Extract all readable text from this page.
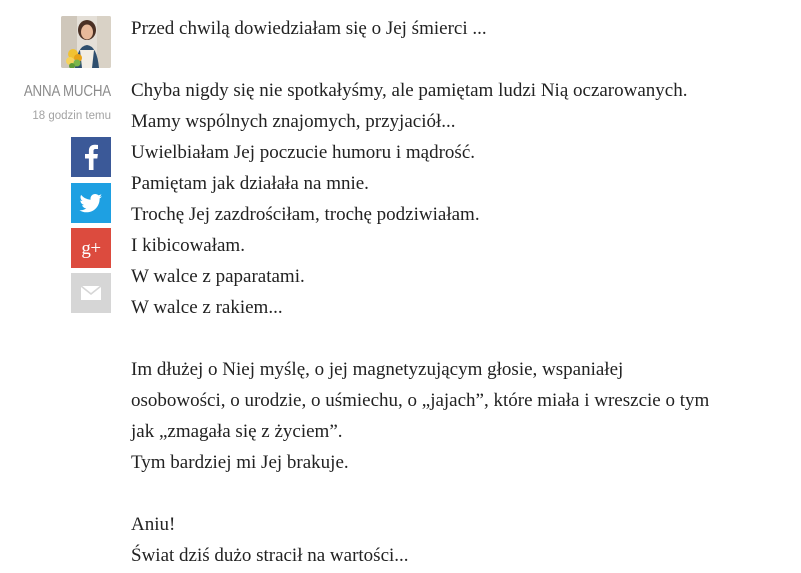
ANNA MUCHA
18 godzin temu
g+

Przed chwilą dowiedziałam się o Jej śmierci ...

Chyba nigdy się nie spotkałyśmy, ale pamiętam ludzi Nią oczarowanych.

Mamy wspólnych znajomych, przyjaciół...

Uwielbiałam Jej poczucie humoru i mądrość.

Pamiętam jak działała na mnie.

Trochę Jej zazdrościłam, trochę podziwiałam.

I kibicowałam.

W walce z paparatami.

W walce z rakiem...

Im dłużej o Niej myślę, o jej magnetyzującym głosie, wspaniałej

osobowości, o urodzie, o uśmiechu, o „jajach”, które miała i wreszcie o tym

jak „zmagała się z życiem”.

Tym bardziej mi Jej brakuje.

Aniu!

Świat dziś dużo stracił na wartości...
